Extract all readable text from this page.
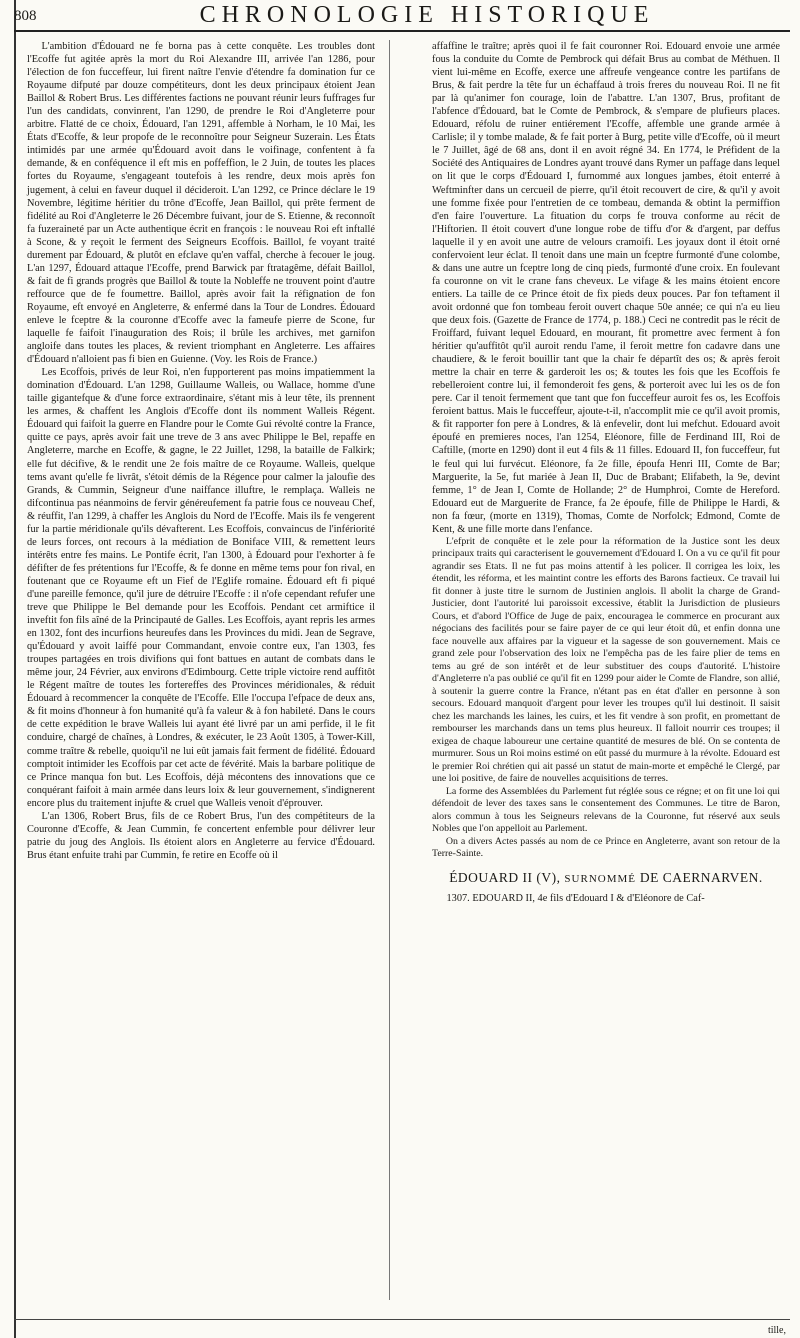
808	CHRONOLOGIE HISTORIQUE

L'ambition d'Édouard ne fe borna pas à cette conquête. Les troubles dont l'Ecoffe fut agitée après la mort du Roi Alexandre III, arrivée l'an 1286, pour l'élection de fon fucceffeur, lui firent naître l'envie d'étendre fa domination fur ce Royaume difputé par douze compétiteurs, dont les deux principaux étoient Jean Baillol & Robert Brus. Les différentes factions ne pouvant réunir leurs fuffrages fur l'un des candidats, convinrent, l'an 1290, de prendre le Roi d'Angleterre pour arbitre. Flatté de ce choix, Édouard, l'an 1291, affemble à Norham, le 10 Mai, les États d'Ecoffe, & leur propofe de le reconnoître pour Seigneur Suzerain. Les États intimidés par une armée qu'Édouard avoit dans le voifinage, confentent à fa demande, & en conféquence il eft mis en poffeffion, le 2 Juin, de toutes les places fortes du Royaume, s'engageant toutefois à les rendre, deux mois après fon jugement, à celui en faveur duquel il décideroit. L'an 1292, ce Prince déclare le 19 Novembre, légitime héritier du trône d'Ecoffe, Jean Baillol, qui prête ferment de fidélité au Roi d'Angleterre le 26 Décembre fuivant, jour de S. Etienne, & reconnoît fa fuzeraineté par un Acte authentique écrit en françois : le nouveau Roi eft inftallé à Scone, & y reçoit le ferment des Seigneurs Ecoffois. Baillol, fe voyant traité durement par Édouard, & plutôt en efclave qu'en vaffal, cherche à fecouer le joug. L'an 1297, Édouard attaque l'Ecoffe, prend Barwick par ftratagême, défait Baillol, & fait de fi grands progrès que Baillol & toute la Nobleffe ne trouvent point d'autre reffource que de fe foumettre. Baillol, après avoir fait la réfignation de fon Royaume, eft envoyé en Angleterre, & enfermé dans la Tour de Londres. Édouard enleve le fceptre & la couronne d'Ecoffe avec la fameufe pierre de Scone, fur laquelle fe faifoit l'inauguration des Rois; il brûle les archives, met garnifon angloife dans toutes les places, & revient triomphant en Angleterre. Les affaires d'Édouard n'alloient pas fi bien en Guienne. (Voy. les Rois de France.)

Les Ecoffois, privés de leur Roi, n'en fupporterent pas moins impatiemment la domination d'Édouard. L'an 1298, Guillaume Walleis, ou Wallace, homme d'une taille gigantefque & d'une force extraordinaire, s'étant mis à leur tête, ils prennent les armes, & chaffent les Anglois d'Ecoffe dont ils nomment Walleis Régent. Édouard qui faifoit la guerre en Flandre pour le Comte Gui révolté contre la France, quitte ce pays, après avoir fait une treve de 3 ans avec Philippe le Bel, repaffe en Angleterre, marche en Ecoffe, & gagne, le 22 Juillet, 1298, la bataille de Falkirk; elle fut décifive, & le rendit une 2e fois maître de ce Royaume. Walleis, quelque tems avant qu'elle fe livrât, s'étoit démis de la Régence pour calmer la jaloufie des Grands, & Cummin, Seigneur d'une naiffance illuftre, le remplaça. Walleis ne difcontinua pas néanmoins de fervir généreufement fa patrie fous ce nouveau Chef, & réuffit, l'an 1299, à chaffer les Anglois du Nord de l'Ecoffe. Mais ils fe vengerent fur la partie méridionale qu'ils dévafterent. Les Ecoffois, convaincus de l'infériorité de leurs forces, ont recours à la médiation de Boniface VIII, & remettent leurs intérêts entre fes mains. Le Pontife écrit, l'an 1300, à Édouard pour l'exhorter à fe défifter de fes prétentions fur l'Ecoffe, & fe donne en même tems pour fon rival, en foutenant que ce Royaume eft un Fief de l'Eglife romaine. Édouard eft fi piqué d'une pareille femonce, qu'il jure de détruire l'Ecoffe : il n'ofe cependant refufer une treve que Philippe le Bel demande pour les Ecoffois. Pendant cet armiftice il inveftit fon fils aîné de la Principauté de Galles. Les Ecoffois, ayant repris les armes en 1302, font des incurfions heureufes dans les Provinces du midi. Jean de Segrave, qu'Édouard y avoit laiffé pour Commandant, envoie contre eux, l'an 1303, fes troupes partagées en trois divifions qui font battues en autant de combats dans le même jour, 24 Février, aux environs d'Edimbourg. Cette triple victoire rend auffitôt le Régent maître de toutes les fortereffes des Provinces méridionales, & réduit Édouard à recommencer la conquête de l'Ecoffe. Elle l'occupa l'efpace de deux ans, & fit moins d'honneur à fon humanité qu'à fa valeur & à fon habileté. Dans le cours de cette expédition le brave Walleis lui ayant été livré par un ami perfide, il le fit conduire, chargé de chaînes, à Londres, & exécuter, le 23 Août 1305, à Tower-Kill, comme traître & rebelle, quoiqu'il ne lui eût jamais fait ferment de fidélité. Édouard comptoit intimider les Ecoffois par cet acte de févérité. Mais la barbare politique de ce Prince manqua fon but. Les Ecoffois, déjà mécontens des innovations que ce conquérant faifoit à main armée dans leurs loix & leur gouvernement, s'indignerent encore plus du traitement injufte & cruel que Walleis venoit d'éprouver.

L'an 1306, Robert Brus, fils de ce Robert Brus, l'un des compétiteurs de la Couronne d'Ecoffe, & Jean Cummin, fe concertent enfemble pour délivrer leur patrie du joug des Anglois. Ils étoient alors en Angleterre au fervice d'Édouard. Brus étant enfuite trahi par Cummin, fe retire en Ecoffe où il

affaffine le traître; après quoi il fe fait couronner Roi. Edouard envoie une armée fous la conduite du Comte de Pembrock qui défait Brus au combat de Méthuen. Il vient lui-même en Ecoffe, exerce une affreufe vengeance contre les partifans de Brus, & fait perdre la tête fur un échaffaud à trois freres du nouveau Roi. Il ne fit par là qu'animer fon courage, loin de l'abattre. L'an 1307, Brus, profitant de l'abfence d'Édouard, bat le Comte de Pembrock, & s'empare de plufieurs places. Edouard, réfolu de ruiner entiérement l'Ecoffe, affemble une grande armée à Carlisle; il y tombe malade, & fe fait porter à Burg, petite ville d'Ecoffe, où il meurt le 7 Juillet, âgé de 68 ans, dont il en avoit régné 34. En 1774, le Préfident de la Société des Antiquaires de Londres ayant trouvé dans Rymer un paffage dans lequel on lit que le corps d'Édouard I, furnommé aux longues jambes, étoit enterré à Weftminfter dans un cercueil de pierre, qu'il étoit recouvert de cire, & qu'il y avoit une fomme fixée pour l'entretien de ce tombeau, demanda & obtint la permiffion d'en faire l'ouverture. La fituation du corps fe trouva conforme au récit de l'Hiftorien. Il étoit couvert d'une longue robe de tiffu d'or & d'argent, par deffus laquelle il y en avoit une autre de velours cramoifi. Les joyaux dont il étoit orné confervoient leur éclat. Il tenoit dans une main un fceptre furmonté d'une colombe, & dans une autre un fceptre long de cinq pieds, furmonté d'une croix. En foulevant fa couronne on vit le crane fans cheveux. Le vifage & les mains étoient encore entiers. La taille de ce Prince étoit de fix pieds deux pouces. Par fon teftament il avoit ordonné que fon tombeau feroit ouvert chaque 50e année; ce qui n'a eu lieu que deux fois. (Gazette de France de 1774, p. 188.) Ceci ne contredit pas le récit de Froiffard, fuivant lequel Edouard, en mourant, fit promettre avec ferment à fon héritier qu'auffitôt qu'il auroit rendu l'ame, il feroit mettre fon cadavre dans une chaudiere, & le feroit bouillir tant que la chair fe départît des os; & après feroit mettre la chair en terre & garderoit les os; & toutes les fois que les Ecoffois fe rebelleroient contre lui, il femonderoit fes gens, & porteroit avec lui les os de fon pere. Car il tenoit fermement que tant que fon fucceffeur auroit fes os, les Ecoffois feroient battus. Mais le fucceffeur, ajoute-t-il, n'accomplit mie ce qu'il avoit promis, & fit rapporter fon pere à Londres, & là enfevelir, dont lui mefchut. Edouard avoit époufé en premieres noces, l'an 1254, Eléonore, fille de Ferdinand III, Roi de Caftille, (morte en 1290) dont il eut 4 fils & 11 filles. Edouard II, fon fucceffeur, fut le feul qui lui furvécut. Eléonore, fa 2e fille, époufa Henri III, Comte de Bar; Marguerite, la 5e, fut mariée à Jean II, Duc de Brabant; Elifabeth, la 9e, devint femme, 1° de Jean I, Comte de Hollande; 2° de Humphroi, Comte de Hereford. Edouard eut de Marguerite de France, fa 2e époufe, fille de Philippe le Hardi, & non fa fœur, (morte en 1319), Thomas, Comte de Norfolck; Edmond, Comte de Kent, & une fille morte dans l'enfance.

L'efprit de conquête et le zele pour la réformation de la Justice sont les deux principaux traits qui caracterisent le gouvernement d'Edouard I. On a vu ce qu'il fit pour agrandir ses Etats. Il ne fut pas moins attentif à les policer. Il corrigea les loix, les étendit, les réforma, et les maintint contre les efforts des Barons factieux. Ce travail lui fit donner à juste titre le surnom de Justinien anglois. Il abolit la charge de Grand-Justicier, dont l'autorité lui paroissoit excessive, établit la Jurisdiction de plusieurs Cours, et d'abord l'Office de Juge de paix, encouragea le commerce en procurant aux négocians des facilités pour se faire payer de ce qui leur étoit dû, et enfin donna une face nouvelle aux affaires par la vigueur et la sagesse de son gouvernement. Mais ce grand zele pour l'observation des loix ne l'empêcha pas de les faire plier de tems en tems au gré de son intérêt et de leur substituer des coups d'autorité. L'histoire d'Angleterre n'a pas oublié ce qu'il fit en 1299 pour aider le Comte de Flandre, son allié, à soutenir la guerre contre la France, n'étant pas en état d'aller en personne à son secours. Edouard manquoit d'argent pour lever les troupes qu'il lui destinoit. Il saisit chez les marchands les laines, les cuirs, et les fit vendre à son profit, en promettant de rembourser les marchands dans un tems plus heureux. Il falloit nourrir ces troupes; il exigea de chaque laboureur une certaine quantité de mesures de blé. On se contenta de murmurer. Sous un Roi moins estimé on eût passé du murmure à la révolte. Edouard est le premier Roi chrétien qui ait passé un statut de main-morte et empêché le Clergé, par une loi positive, de faire de nouvelles acquisitions de terres.

La forme des Assemblées du Parlement fut réglée sous ce régne; et on fit une loi qui défendoit de lever des taxes sans le consentement des Communes. Le titre de Baron, alors commun à tous les Seigneurs relevans de la Couronne, fut réservé aux seuls Nobles que l'on appelloit au Parlement.

On a divers Actes passés au nom de ce Prince en Angleterre, avant son retour de la Terre-Sainte.

ÉDOUARD II (V), SURNOMMÉ DE CAERNARVEN.

1307. EDOUARD II, 4e fils d'Edouard I & d'Eléonore de Caf-

tille,
